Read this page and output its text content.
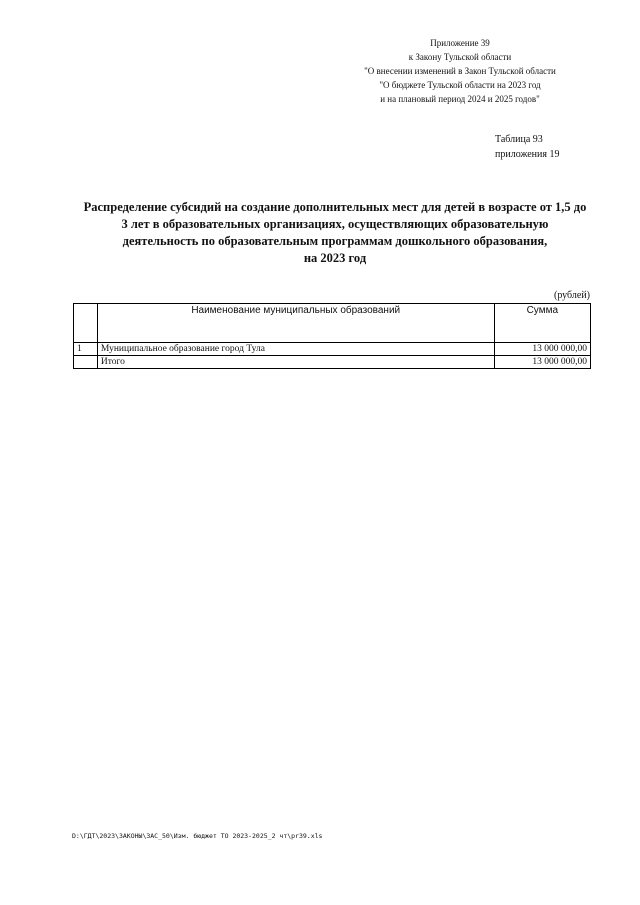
Приложение 39
к Закону Тульской области
"О внесении изменений в Закон Тульской области
"О бюджете Тульской области на 2023 год
и на плановый период 2024 и 2025 годов"
Таблица 93
приложения 19
Распределение субсидий на создание дополнительных мест для детей в возрасте от 1,5 до
3 лет в образовательных организациях, осуществляющих образовательную
деятельность по образовательным программам дошкольного образования,
на 2023 год
(рублей)
	Наименование муниципальных образований	Сумма
1	Муниципальное образование город Тула	13 000 000,00
	Итого	13 000 000,00
D:\ГДТ\2023\ЗАКОНЫ\ЗАС_50\Изм. бюджет ТО 2023-2025_2 чт\pr39.xls
